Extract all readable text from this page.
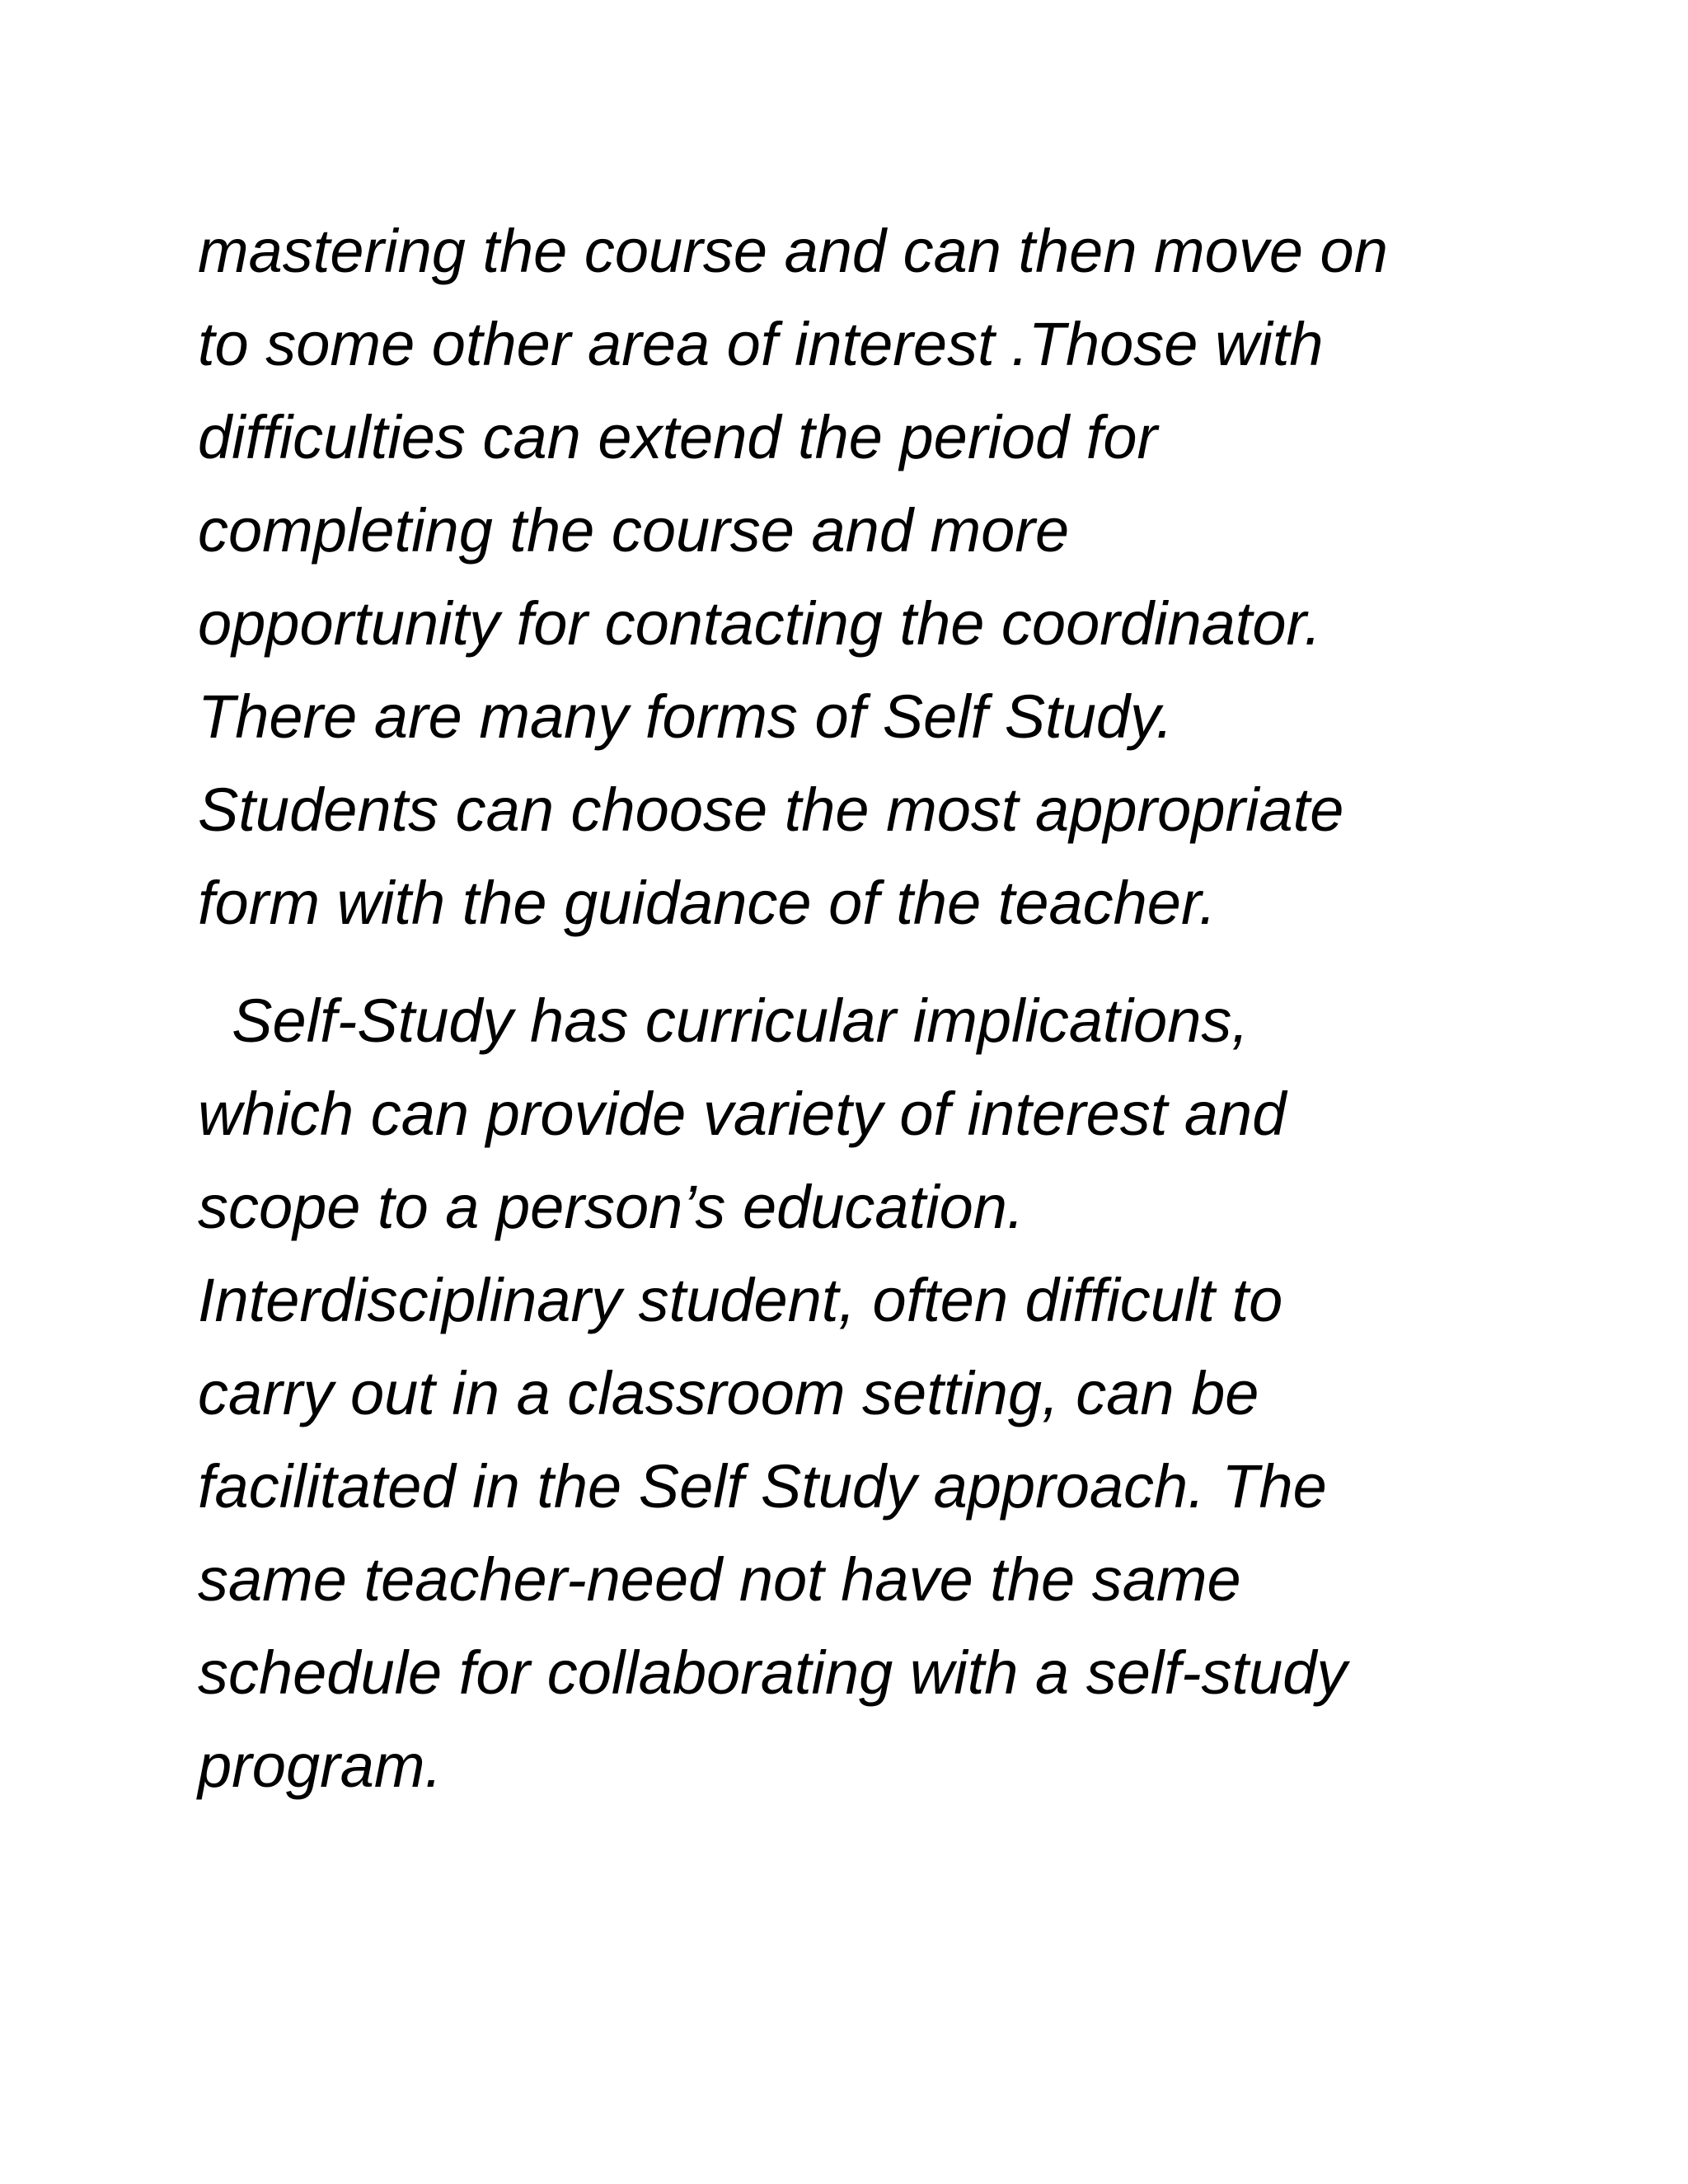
mastering the course and can then move on
to some other area of interest .Those with
difficulties can extend the period for
completing the course and more
opportunity for contacting the coordinator.
There are many forms of Self Study.
Students can choose the most appropriate
form with the guidance of the teacher.
Self-Study has curricular implications,
which can provide variety of interest and
scope to a person’s education.
Interdisciplinary student, often difficult to
carry out in a classroom setting, can be
facilitated in the Self Study approach. The
same teacher-need not have the same
schedule for collaborating with a self-study
program.
